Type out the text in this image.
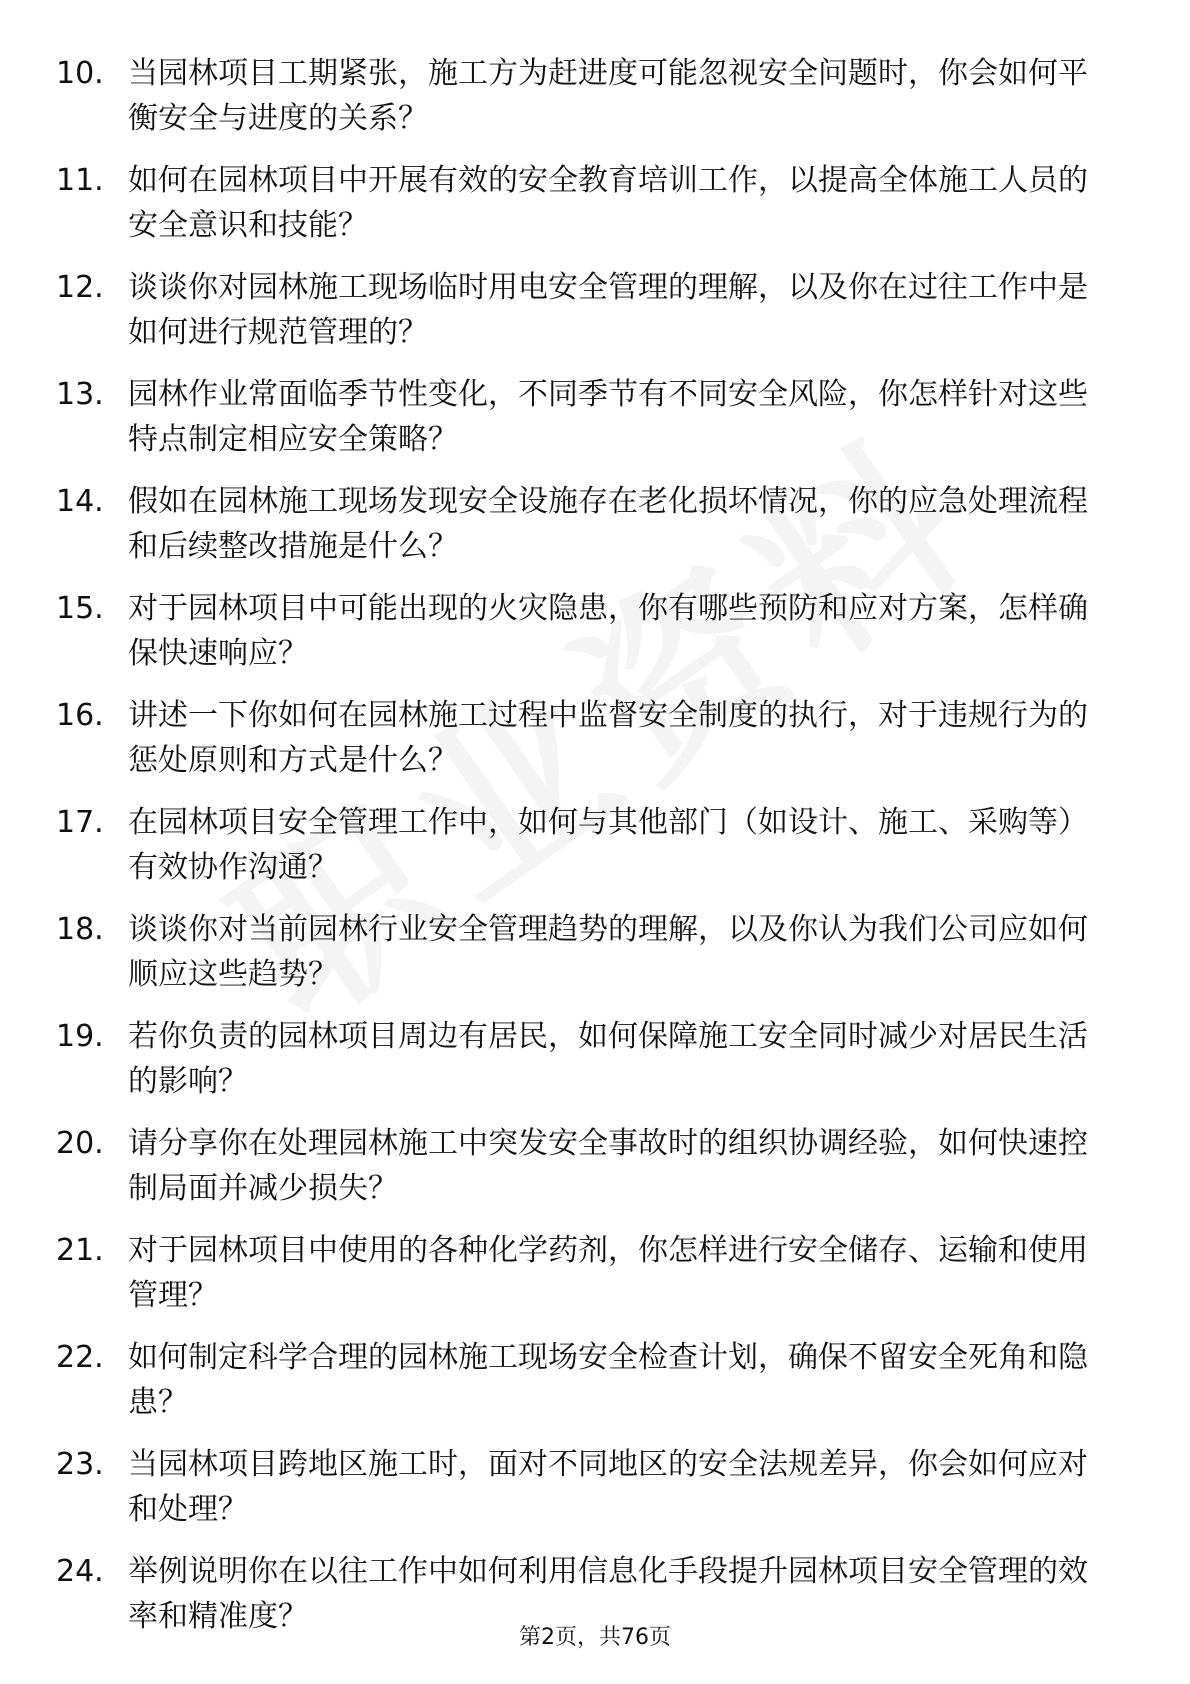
10. 当园林项目工期紧张，施工方为赶进度可能忽视安全问题时，你会如何平衡安全与进度的关系？
11. 如何在园林项目中开展有效的安全教育培训工作，以提高全体施工人员的安全意识和技能？
12. 谈谈你对园林施工现场临时用电安全管理的理解，以及你在过往工作中是如何进行规范管理的？
13. 园林作业常面临季节性变化，不同季节有不同安全风险，你怎样针对这些特点制定相应安全策略？
14. 假如在园林施工现场发现安全设施存在老化损坏情况，你的应急处理流程和后续整改措施是什么？
15. 对于园林项目中可能出现的火灾隐患，你有哪些预防和应对方案，怎样确保快速响应？
16. 讲述一下你如何在园林施工过程中监督安全制度的执行，对于违规行为的惩处原则和方式是什么？
17. 在园林项目安全管理工作中，如何与其他部门（如设计、施工、采购等）有效协作沟通？
18. 谈谈你对当前园林行业安全管理趋势的理解，以及你认为我们公司应如何顺应这些趋势？
19. 若你负责的园林项目周边有居民，如何保障施工安全同时减少对居民生活的影响？
20. 请分享你在处理园林施工中突发安全事故时的组织协调经验，如何快速控制局面并减少损失？
21. 对于园林项目中使用的各种化学药剂，你怎样进行安全储存、运输和使用管理？
22. 如何制定科学合理的园林施工现场安全检查计划，确保不留安全死角和隐患？
23. 当园林项目跨地区施工时，面对不同地区的安全法规差异，你会如何应对和处理？
24. 举例说明你在以往工作中如何利用信息化手段提升园林项目安全管理的效率和精准度？
第2页，共76页
